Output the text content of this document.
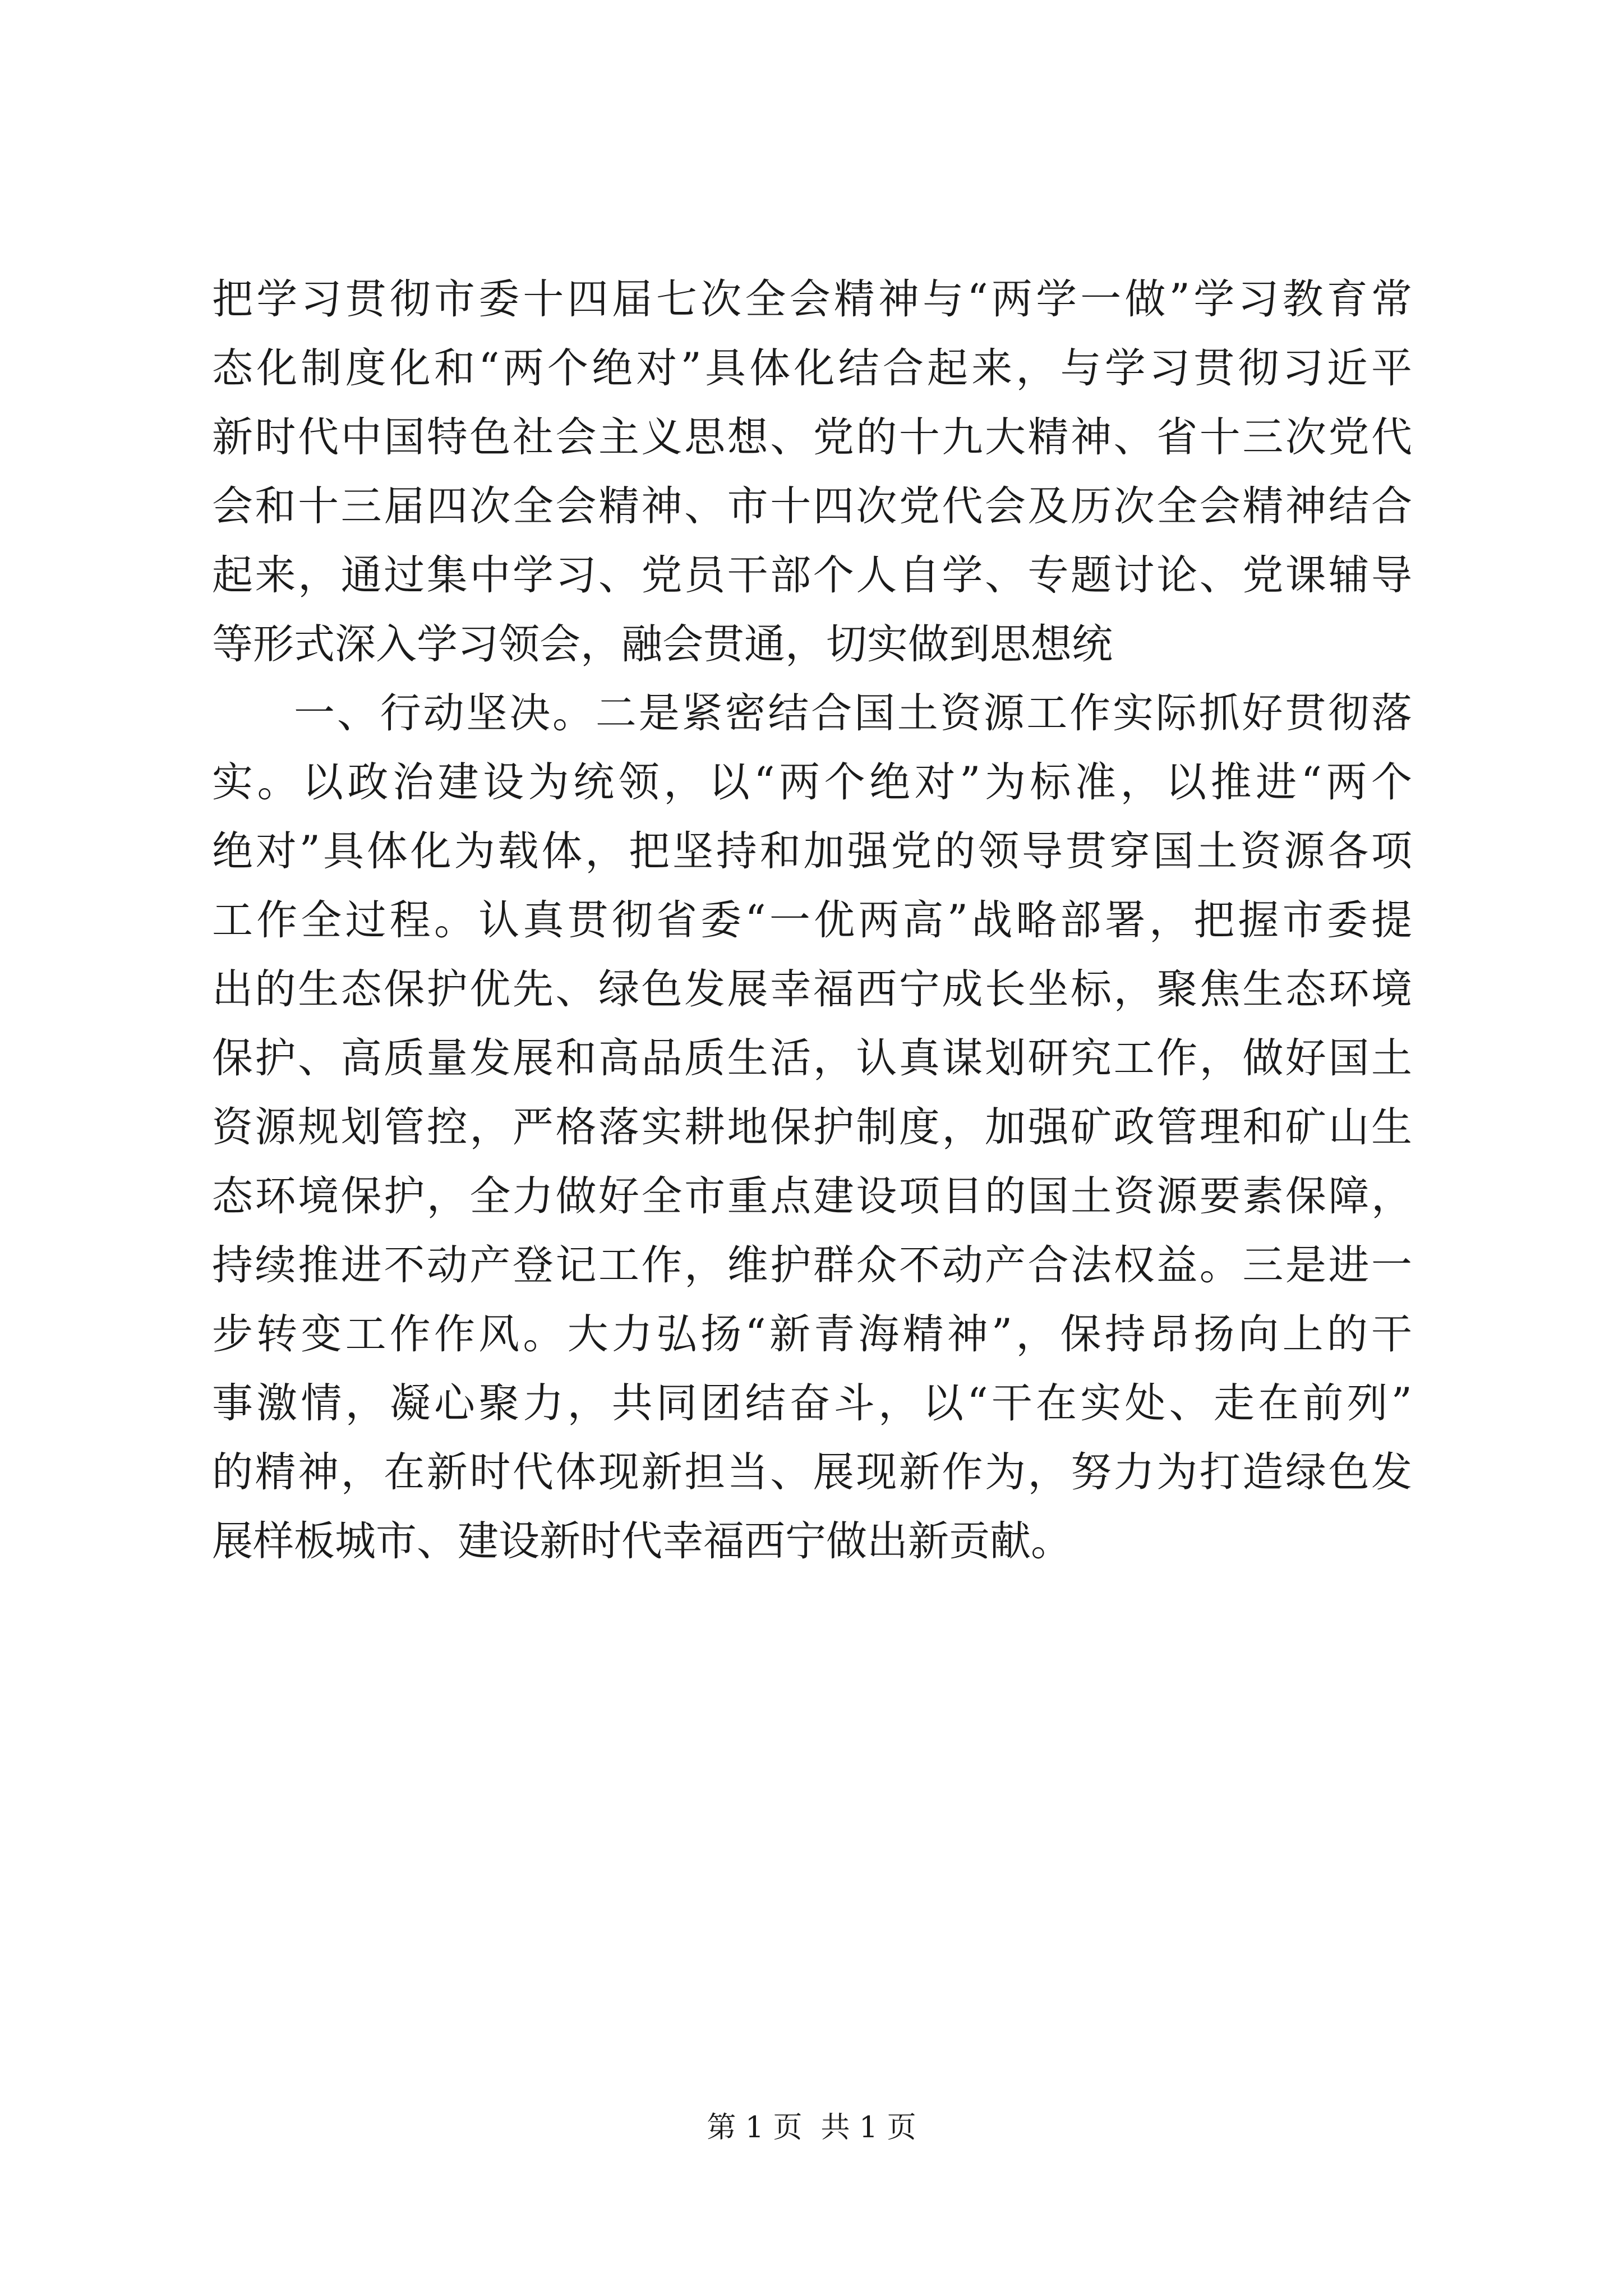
把学习贯彻市委十四届七次全会精神与“两学一做”学习教育常
态化制度化和“两个绝对”具体化结合起来，与学习贯彻习近平
新时代中国特色社会主义思想、党的十九大精神、省十三次党代
会和十三届四次全会精神、市十四次党代会及历次全会精神结合
起来，通过集中学习、党员干部个人自学、专题讨论、党课辅导
等形式深入学习领会，融会贯通，切实做到思想统
一、行动坚决。二是紧密结合国土资源工作实际抓好贯彻落
实。以政治建设为统领，以“两个绝对”为标准，以推进“两个
绝对”具体化为载体，把坚持和加强党的领导贯穿国土资源各项
工作全过程。认真贯彻省委“一优两高”战略部署，把握市委提
出的生态保护优先、绿色发展幸福西宁成长坐标，聚焦生态环境
保护、高质量发展和高品质生活，认真谋划研究工作，做好国土
资源规划管控，严格落实耕地保护制度，加强矿政管理和矿山生
态环境保护，全力做好全市重点建设项目的国土资源要素保障，
持续推进不动产登记工作，维护群众不动产合法权益。三是进一
步转变工作作风。大力弘扬“新青海精神”，保持昂扬向上的干
事激情，凝心聚力，共同团结奋斗，以“干在实处、走在前列”
的精神，在新时代体现新担当、展现新作为，努力为打造绿色发
展样板城市、建设新时代幸福西宁做出新贡献。
第 1 页  共 1 页
